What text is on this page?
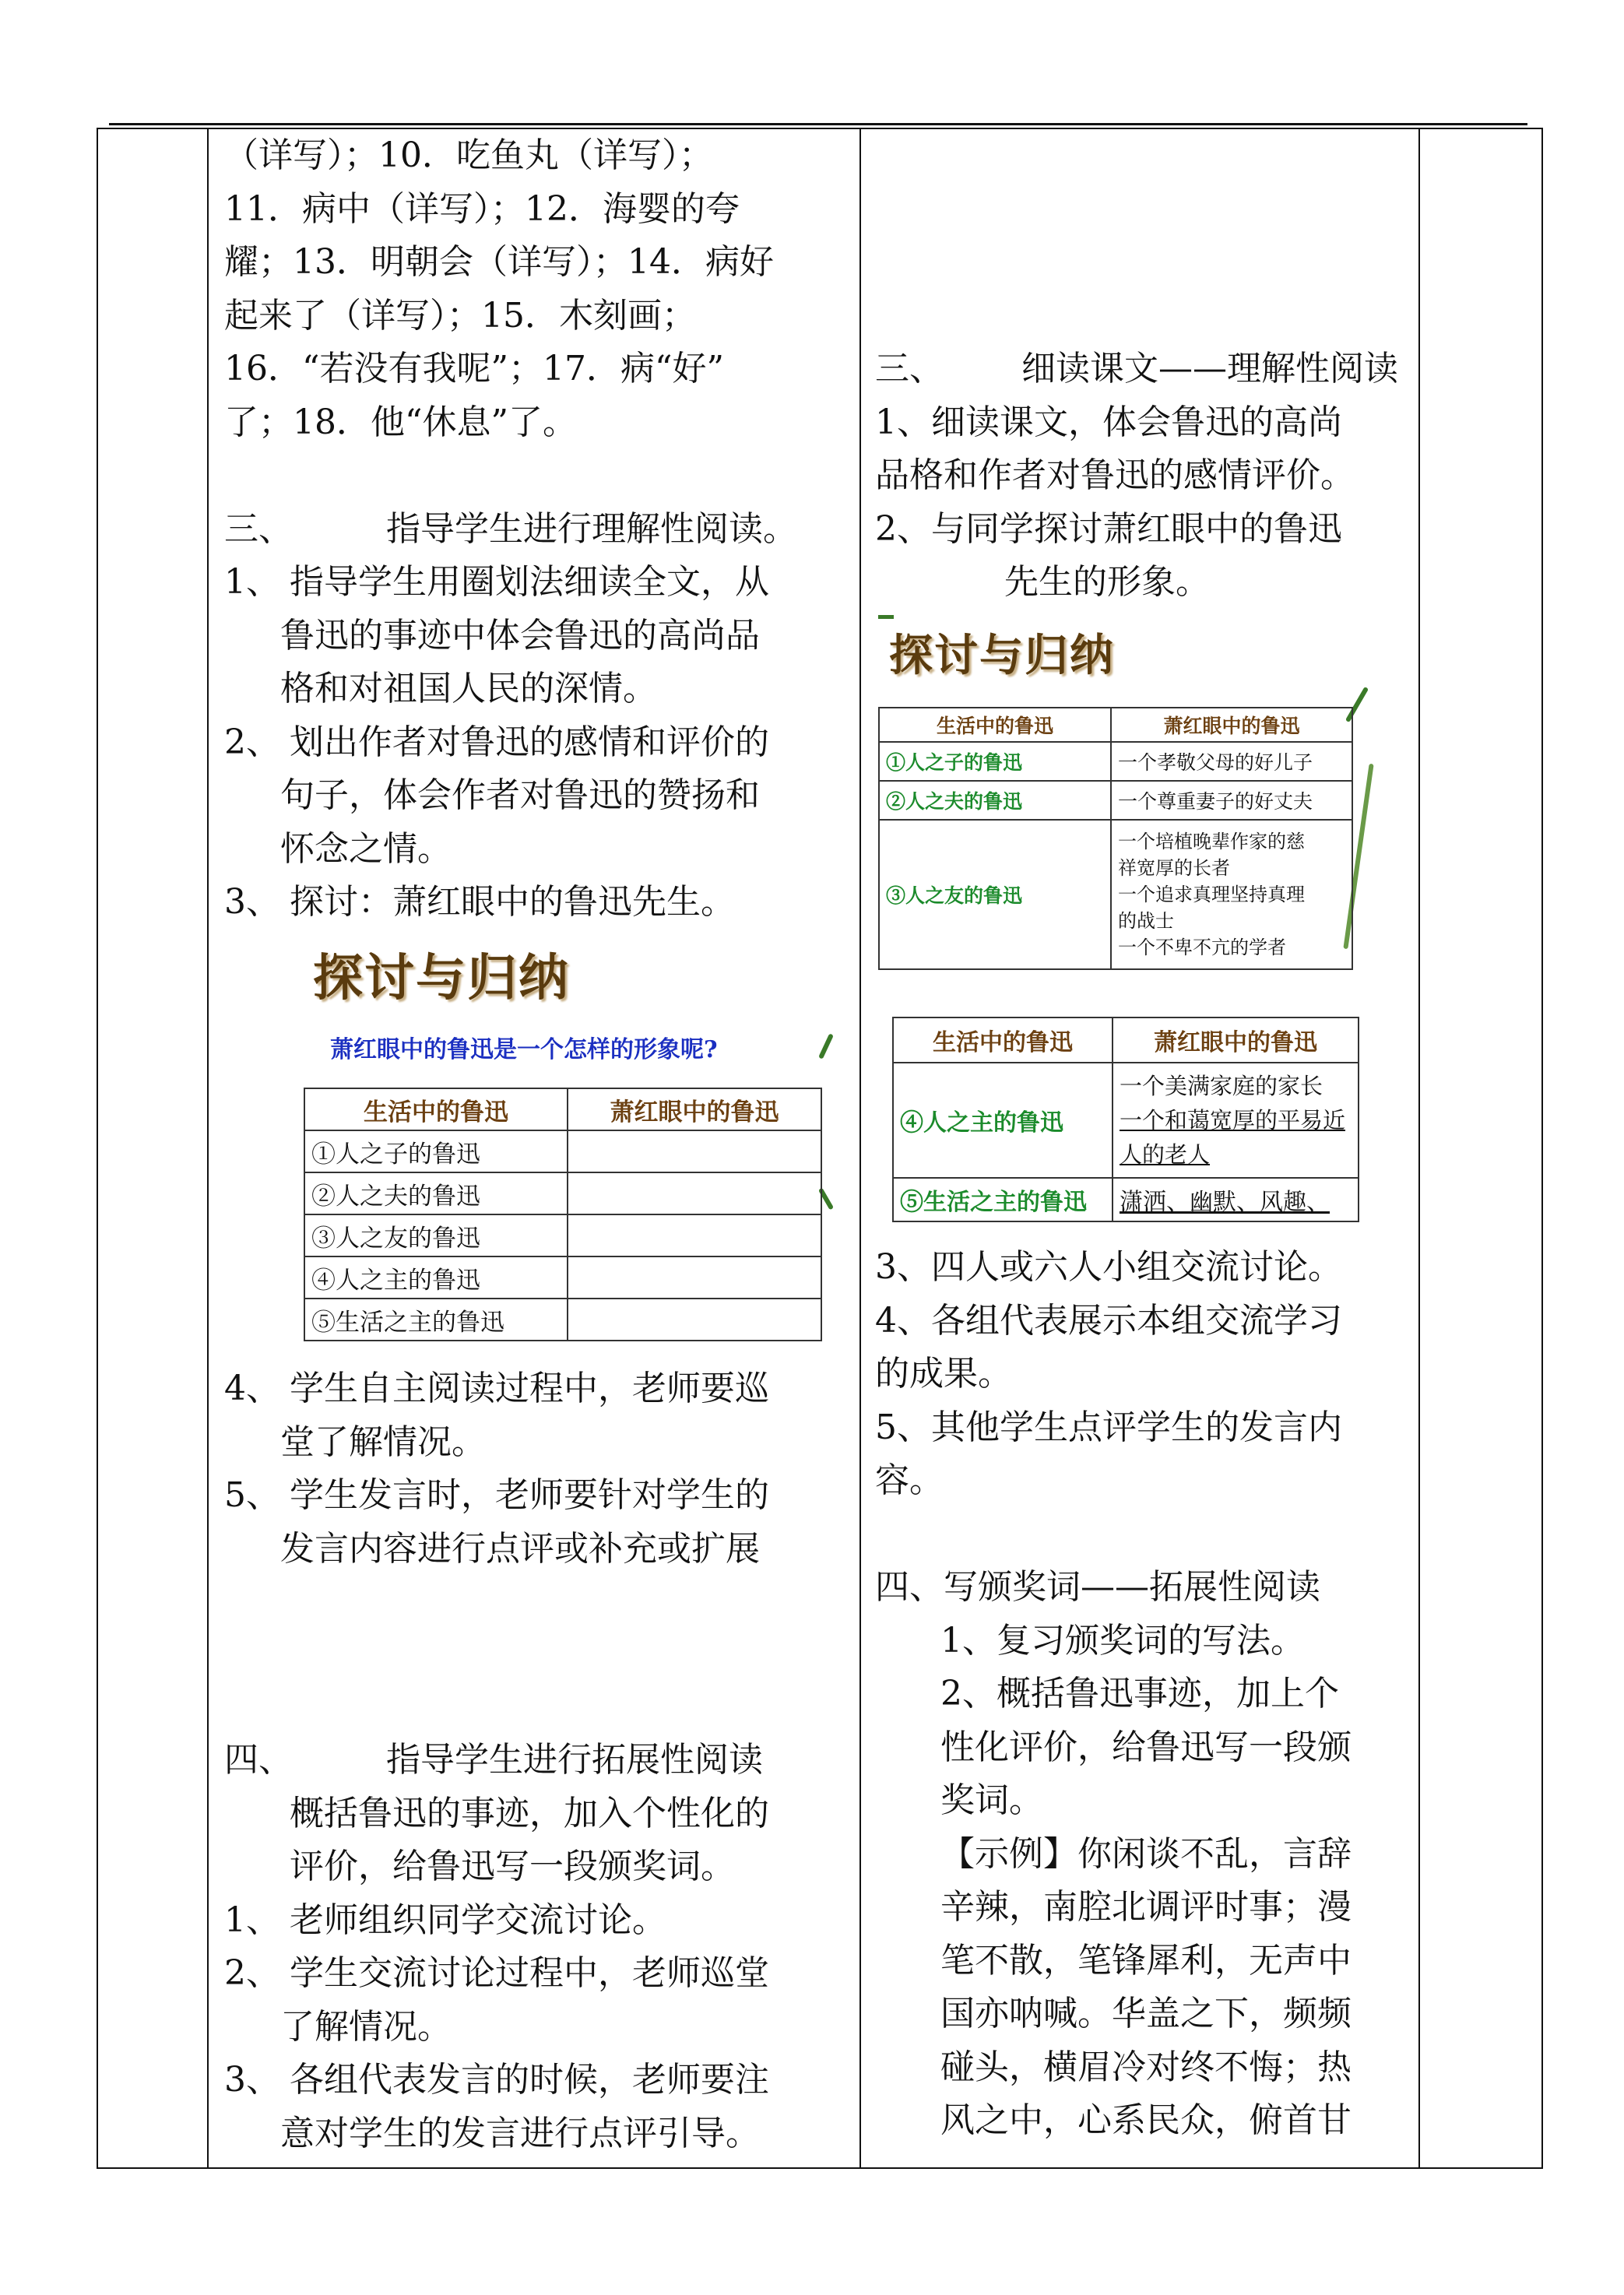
（详写）；10．吃鱼丸（详写）；

11．病中（详写）；12．海婴的夸

耀；13．明朝会（详写）；14．病好

起来了（详写）；15．木刻画；

16．“若没有我呢”；17．病“好”

了；18．他“休息”了。

三、	指导学生进行理解性阅读。

1、 指导学生用圈划法细读全文，从

鲁迅的事迹中体会鲁迅的高尚品

格和对祖国人民的深情。

2、 划出作者对鲁迅的感情和评价的

句子，体会作者对鲁迅的赞扬和

怀念之情。

3、 探讨：萧红眼中的鲁迅先生。

探讨与归纳
萧红眼中的鲁迅是一个怎样的形象呢?
生活中的鲁迅	萧红眼中的鲁迅
①人之子的鲁迅	
②人之夫的鲁迅	
③人之友的鲁迅	
④人之主的鲁迅	
⑤生活之主的鲁迅	

4、 学生自主阅读过程中，老师要巡

堂了解情况。

5、 学生发言时，老师要针对学生的

发言内容进行点评或补充或扩展

四、	指导学生进行拓展性阅读

概括鲁迅的事迹，加入个性化的

评价，给鲁迅写一段颁奖词。

1、 老师组织同学交流讨论。

2、 学生交流讨论过程中，老师巡堂

了解情况。

3、 各组代表发言的时候，老师要注

意对学生的发言进行点评引导。

三、 细读课文——理解性阅读

1、细读课文，体会鲁迅的高尚

品格和作者对鲁迅的感情评价。

2、与同学探讨萧红眼中的鲁迅

先生的形象。

探讨与归纳
生活中的鲁迅	萧红眼中的鲁迅
①人之子的鲁迅	一个孝敬父母的好儿子
②人之夫的鲁迅	一个尊重妻子的好丈夫
③人之友的鲁迅	一个培植晚辈作家的慈
祥宽厚的长者
一个追求真理坚持真理
的战士
一个不卑不亢的学者
生活中的鲁迅	萧红眼中的鲁迅
④人之主的鲁迅	一个美满家庭的家长
一个和蔼宽厚的平易近
人的老人

⑤生活之主的鲁迅	潇洒、幽默、风趣、

3、四人或六人小组交流讨论。

4、各组代表展示本组交流学习

的成果。

5、其他学生点评学生的发言内

容。

四、写颁奖词——拓展性阅读

1、复习颁奖词的写法。

2、概括鲁迅事迹，加上个

性化评价，给鲁迅写一段颁

奖词。

【示例】你闲谈不乱，言辞

辛辣，南腔北调评时事；漫

笔不散，笔锋犀利，无声中

国亦呐喊。华盖之下，频频

碰头，横眉冷对终不悔；热

风之中，心系民众，俯首甘
